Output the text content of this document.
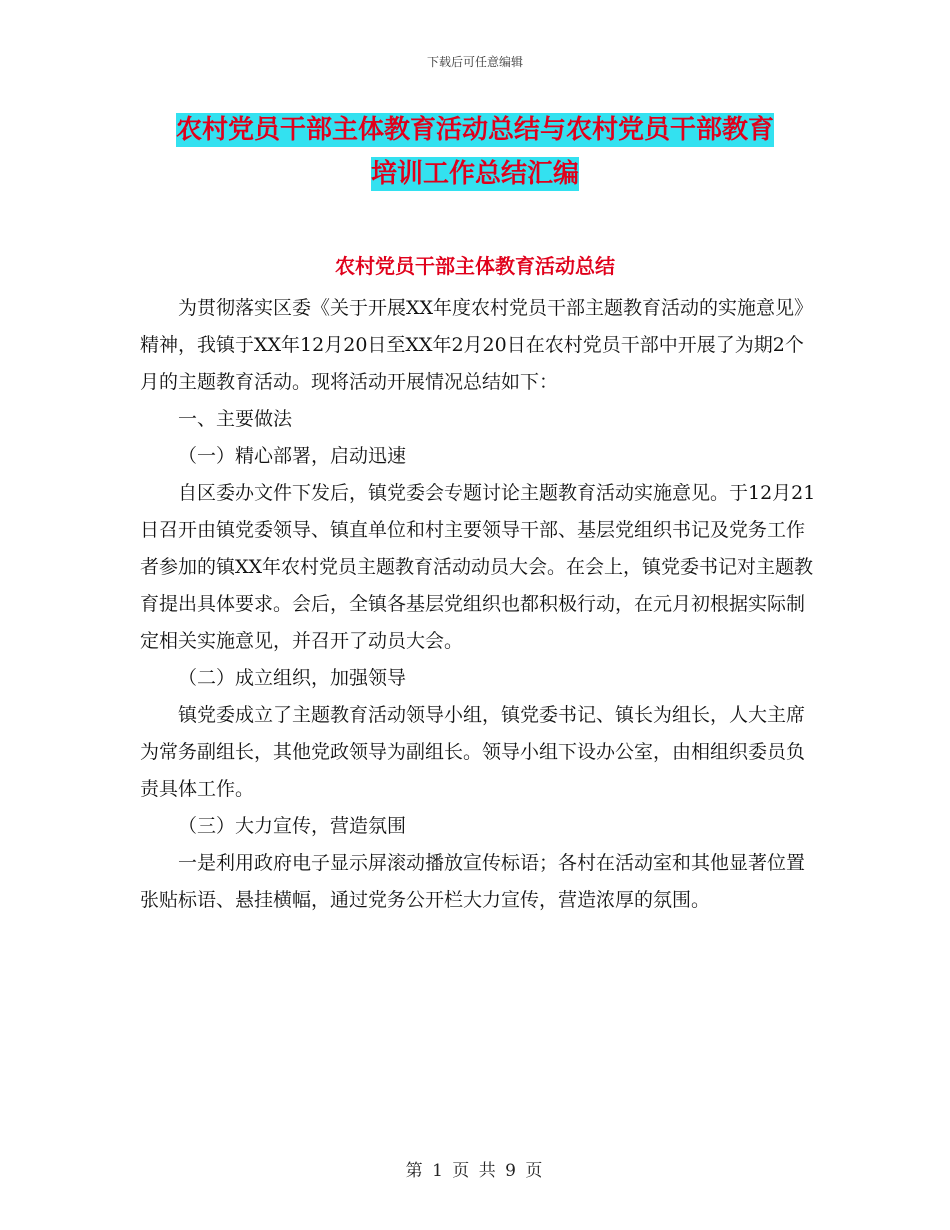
下载后可任意编辑
农村党员干部主体教育活动总结与农村党员干部教育
培训工作总结汇编
农村党员干部主体教育活动总结

为贯彻落实区委《关于开展XX年度农村党员干部主题教育活动的实施意见》精神，我镇于XX年12月20日至XX年2月20日在农村党员干部中开展了为期2个月的主题教育活动。现将活动开展情况总结如下：

一、主要做法

（一）精心部署，启动迅速

自区委办文件下发后，镇党委会专题讨论主题教育活动实施意见。于12月21日召开由镇党委领导、镇直单位和村主要领导干部、基层党组织书记及党务工作者参加的镇XX年农村党员主题教育活动动员大会。在会上，镇党委书记对主题教育提出具体要求。会后，全镇各基层党组织也都积极行动，在元月初根据实际制定相关实施意见，并召开了动员大会。

（二）成立组织，加强领导

镇党委成立了主题教育活动领导小组，镇党委书记、镇长为组长，人大主席为常务副组长，其他党政领导为副组长。领导小组下设办公室，由相组织委员负责具体工作。

（三）大力宣传，营造氛围

一是利用政府电子显示屏滚动播放宣传标语；各村在活动室和其他显著位置张贴标语、悬挂横幅，通过党务公开栏大力宣传，营造浓厚的氛围。

第 1 页 共 9 页
